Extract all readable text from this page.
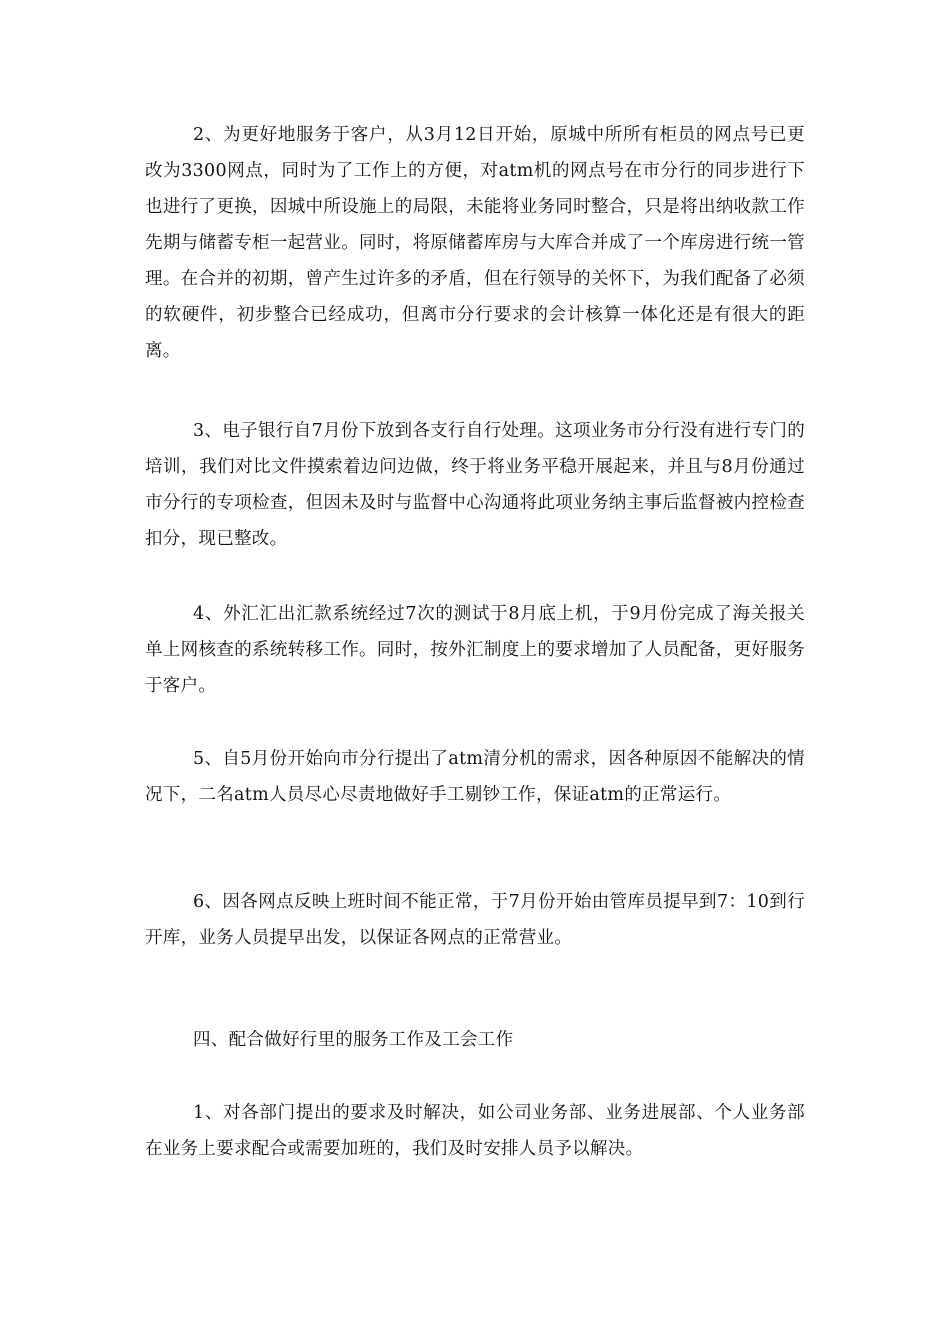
2、为更好地服务于客户，从3月12日开始，原城中所所有柜员的网点号已更改为3300网点，同时为了工作上的方便，对atm机的网点号在市分行的同步进行下也进行了更换，因城中所设施上的局限，未能将业务同时整合，只是将出纳收款工作先期与储蓄专柜一起营业。同时，将原储蓄库房与大库合并成了一个库房进行统一管理。在合并的初期，曾产生过许多的矛盾，但在行领导的关怀下，为我们配备了必须的软硬件，初步整合已经成功，但离市分行要求的会计核算一体化还是有很大的距离。

3、电子银行自7月份下放到各支行自行处理。这项业务市分行没有进行专门的培训，我们对比文件摸索着边问边做，终于将业务平稳开展起来，并且与8月份通过市分行的专项检查，但因未及时与监督中心沟通将此项业务纳主事后监督被内控检查扣分，现已整改。

4、外汇汇出汇款系统经过7次的测试于8月底上机，于9月份完成了海关报关单上网核查的系统转移工作。同时，按外汇制度上的要求增加了人员配备，更好服务于客户。

5、自5月份开始向市分行提出了atm清分机的需求，因各种原因不能解决的情况下，二名atm人员尽心尽责地做好手工剔钞工作，保证atm的正常运行。

6、因各网点反映上班时间不能正常，于7月份开始由管库员提早到7：10到行开库，业务人员提早出发，以保证各网点的正常营业。

四、配合做好行里的服务工作及工会工作

1、对各部门提出的要求及时解决，如公司业务部、业务进展部、个人业务部在业务上要求配合或需要加班的，我们及时安排人员予以解决。
